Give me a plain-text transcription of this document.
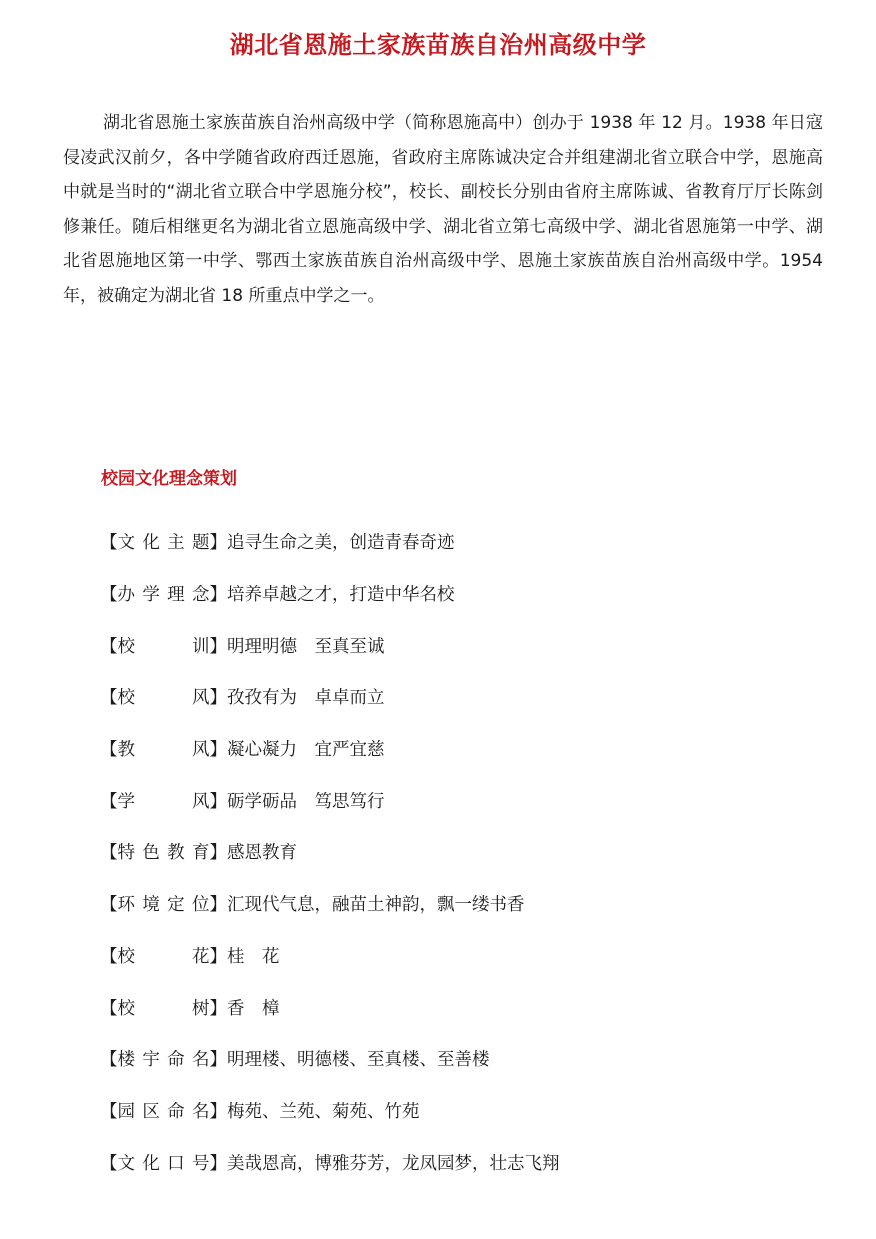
湖北省恩施土家族苗族自治州高级中学

湖北省恩施土家族苗族自治州高级中学（简称恩施高中）创办于 1938 年 12 月。1938 年日寇侵凌武汉前夕，各中学随省政府西迁恩施，省政府主席陈诚决定合并组建湖北省立联合中学，恩施高中就是当时的“湖北省立联合中学恩施分校”，校长、副校长分别由省府主席陈诚、省教育厅厅长陈剑修兼任。随后相继更名为湖北省立恩施高级中学、湖北省立第七高级中学、湖北省恩施第一中学、湖北省恩施地区第一中学、鄂西土家族苗族自治州高级中学、恩施土家族苗族自治州高级中学。1954 年，被确定为湖北省 18 所重点中学之一。

校园文化理念策划
【 文化主题 】 追寻生命之美，创造青春奇迹
【 办学理念 】 培养卓越之才，打造中华名校
【 校训 】 明理明德　至真至诚
【 校风 】 孜孜有为　卓卓而立
【 教风 】 凝心凝力　宜严宜慈
【 学风 】 砺学砺品　笃思笃行
【 特色教育 】 感恩教育
【 环境定位 】 汇现代气息，融苗土神韵，飘一缕书香
【 校花 】 桂　花
【 校树 】 香　樟
【 楼宇命名 】 明理楼、明德楼、至真楼、至善楼
【 园区命名 】 梅苑、兰苑、菊苑、竹苑
【 文化口号 】 美哉恩高，博雅芬芳，龙凤园梦，壮志飞翔
